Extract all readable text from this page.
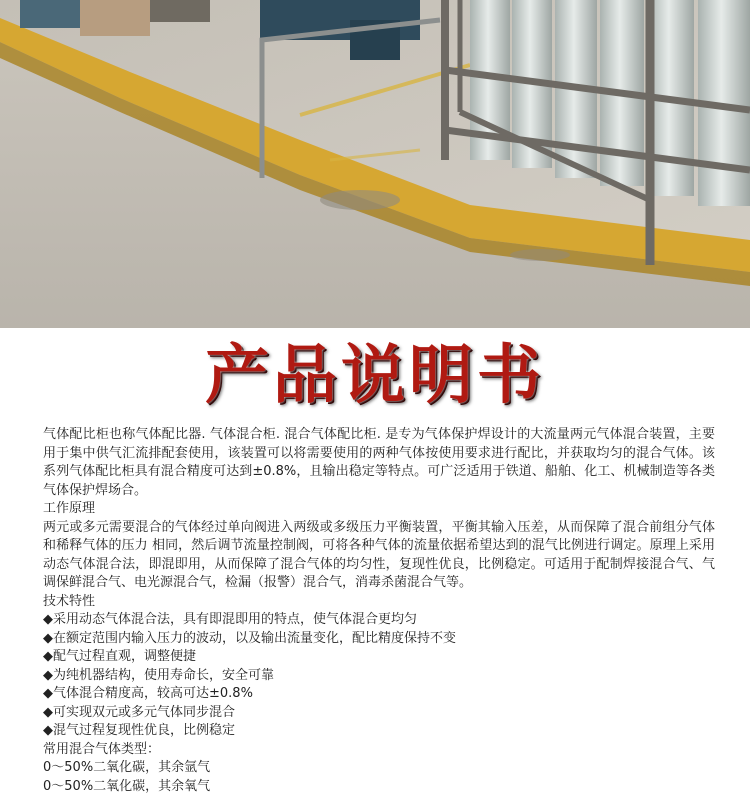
产品说明书
气体配比柜也称气体配比器. 气体混合柜. 混合气体配比柜. 是专为气体保护焊设计的大流量两元气体混合装置，主要用于集中供气汇流排配套使用，该装置可以将需要使用的两种气体按使用要求进行配比，并获取均匀的混合气体。该系列气体配比柜具有混合精度可达到±0.8%，且输出稳定等特点。可广泛适用于铁道、船舶、化工、机械制造等各类气体保护焊场合。
工作原理
两元或多元需要混合的气体经过单向阀进入两级或多级压力平衡装置，平衡其输入压差，从而保障了混合前组分气体和稀释气体的压力 相同，然后调节流量控制阀，可将各种气体的流量依据希望达到的混气比例进行调定。原理上采用动态气体混合法，即混即用，从而保障了混合气体的均匀性，复现性优良，比例稳定。可适用于配制焊接混合气、气调保鲜混合气、电光源混合气，检漏（报警）混合气，消毒杀菌混合气等。
技术特性
◆ 采用动态气体混合法，具有即混即用的特点，使气体混合更均匀
◆ 在额定范围内输入压力的波动，以及输出流量变化，配比精度保持不变
◆ 配气过程直观，调整便捷
◆ 为纯机器结构，使用寿命长，安全可靠
◆ 气体混合精度高，较高可达±0.8%
◆ 可实现双元或多元气体同步混合
◆ 混气过程复现性优良，比例稳定
常用混合气体类型：
0～50%二氧化碳，其余氩气
0～50%二氧化碳，其余氧气
